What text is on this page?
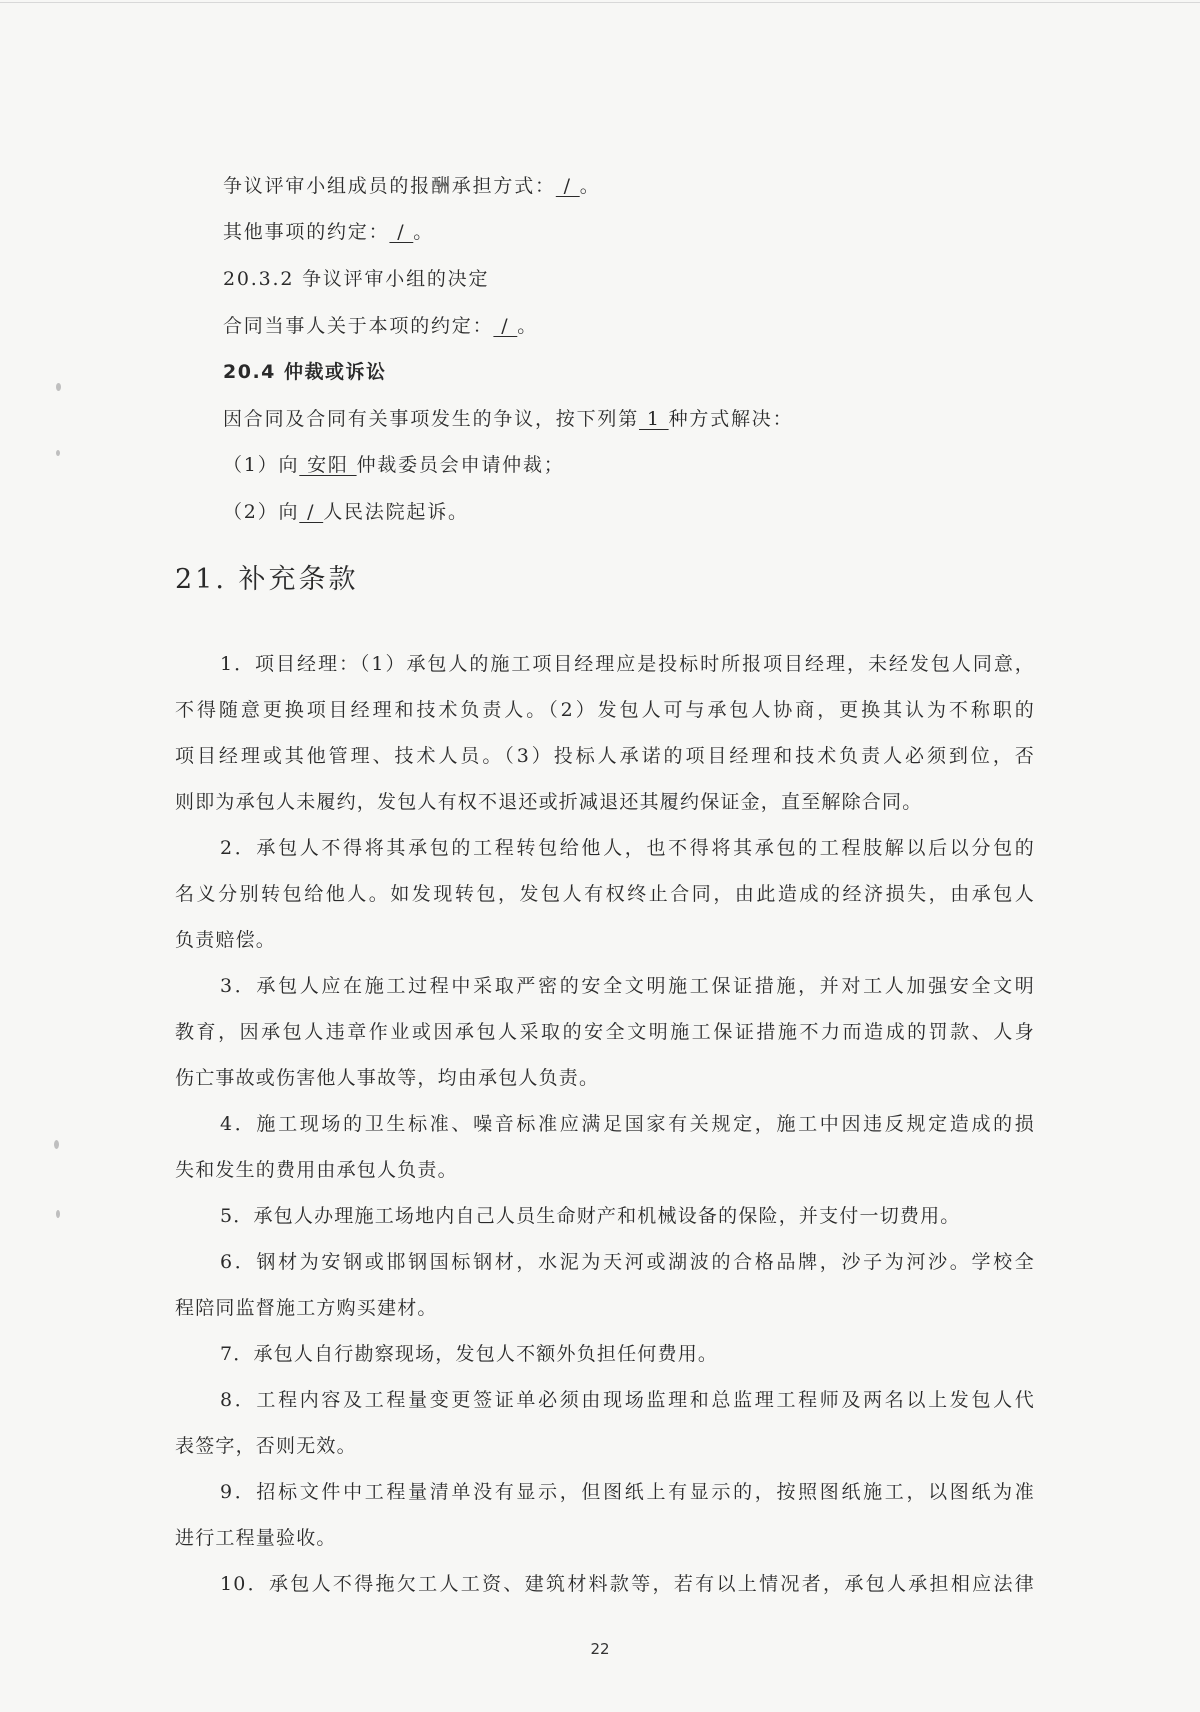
争议评审小组成员的报酬承担方式： / 。
其他事项的约定： / 。
20.3.2 争议评审小组的决定
合同当事人关于本项的约定： / 。
20.4 仲裁或诉讼
因合同及合同有关事项发生的争议，按下列第 1 种方式解决：
（1）向 安阳 仲裁委员会申请仲裁；
（2）向 / 人民法院起诉。
21. 补充条款
1．项目经理：（1）承包人的施工项目经理应是投标时所报项目经理，未经发包人同意，
不得随意更换项目经理和技术负责人。（2）发包人可与承包人协商，更换其认为不称职的
项目经理或其他管理、技术人员。（3）投标人承诺的项目经理和技术负责人必须到位，否
则即为承包人未履约，发包人有权不退还或折减退还其履约保证金，直至解除合同。
2．承包人不得将其承包的工程转包给他人，也不得将其承包的工程肢解以后以分包的
名义分别转包给他人。如发现转包，发包人有权终止合同，由此造成的经济损失，由承包人
负责赔偿。
3．承包人应在施工过程中采取严密的安全文明施工保证措施，并对工人加强安全文明
教育，因承包人违章作业或因承包人采取的安全文明施工保证措施不力而造成的罚款、人身
伤亡事故或伤害他人事故等，均由承包人负责。
4．施工现场的卫生标准、噪音标准应满足国家有关规定，施工中因违反规定造成的损
失和发生的费用由承包人负责。
5．承包人办理施工场地内自己人员生命财产和机械设备的保险，并支付一切费用。
6．钢材为安钢或邯钢国标钢材，水泥为天河或湖波的合格品牌，沙子为河沙。学校全
程陪同监督施工方购买建材。
7．承包人自行勘察现场，发包人不额外负担任何费用。
8．工程内容及工程量变更签证单必须由现场监理和总监理工程师及两名以上发包人代
表签字，否则无效。
9．招标文件中工程量清单没有显示，但图纸上有显示的，按照图纸施工，以图纸为准
进行工程量验收。
10．承包人不得拖欠工人工资、建筑材料款等，若有以上情况者，承包人承担相应法律
22
